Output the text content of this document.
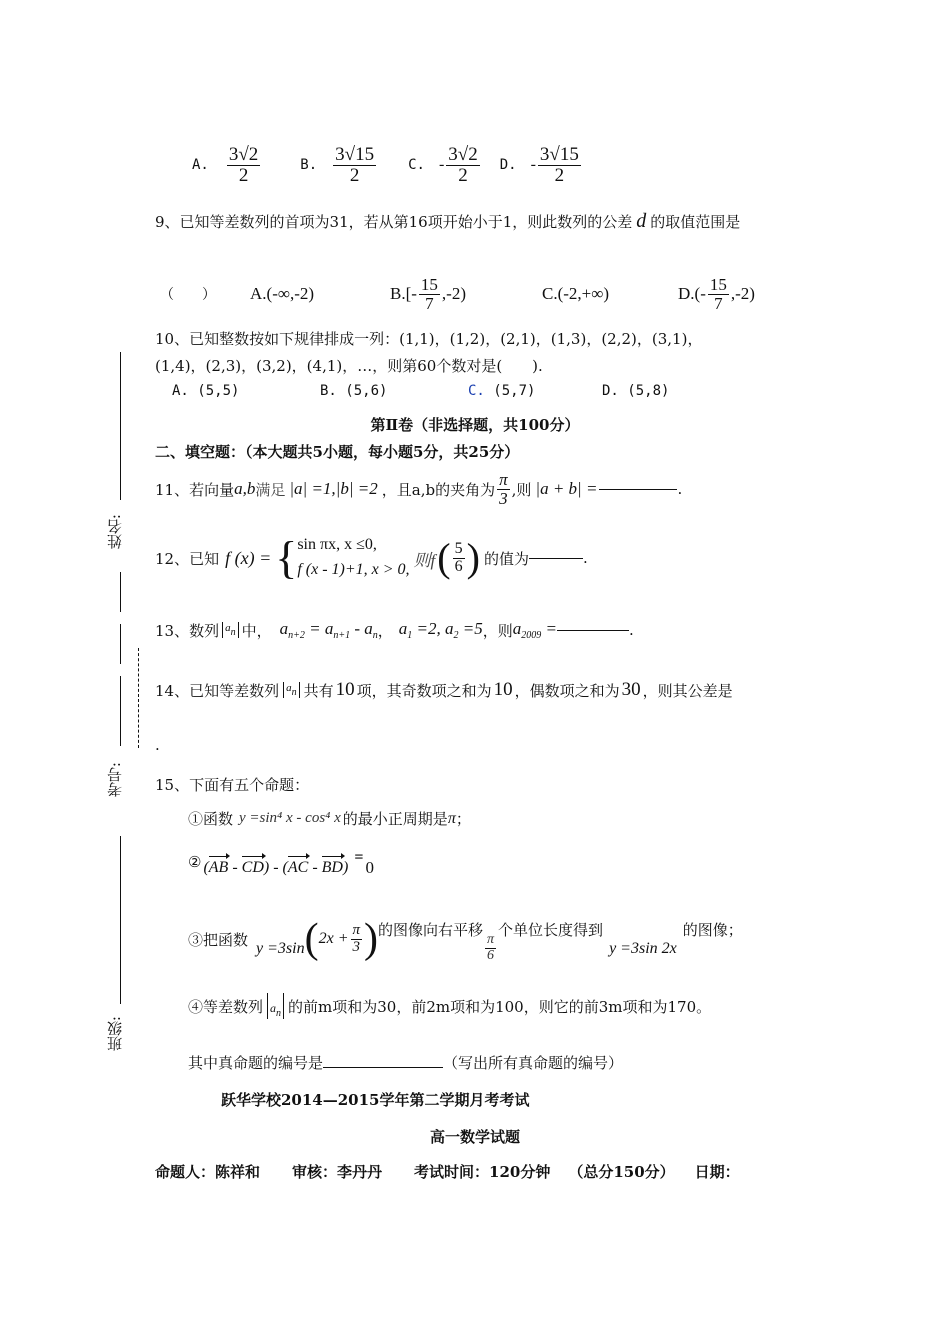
A. $\frac{3√2}{2}$	B. $\frac{3√15}{2} C$. - $\frac{3√2}{2} D$. - $\frac{3√15}{2}$
9、已知等差数列的首项为31，若从第16项开始小于1，则此数列的公差 d 的取值范围是
（　　）	A.(-∞,-2)	$B.[- \frac{15}{7} ,-2)$	C.(-2,+∞)	$D.(- \frac{15}{7} ,-2)$
10、已知整数按如下规律排成一列：(1,1)，(1,2)，(2,1)，(1,3)，(2,2)，(3,1)，
(1,4)，(2,3)，(3,2)，(4,1)，…，则第60个数对是(　　).
A. (5,5)	B. (5,6)	C. (5,7)	D. (5,8)
第Ⅱ卷（非选择题，共100分）
二、填空题：（本大题共5小题，每小题5分，共25分）
11、若向量 a,b 满足 |a| =1,|b| =2 ，且a,b的夹角为 $\frac{\pi}{3}$ ,则 |a + b| =	.
12、已知 f (x) = { sin πx, x ≤0,
f (x - 1)+1, x > 0, 则f ( $\frac{5}{6}$ ) 的值为	.
13、数列 an 中， $a_{n+2} = a_{n+1} - a_n$ ， $a_1 =2$, $a_2 =5$ ，则 $a_{2009}$ =	.
14、已知等差数列 an 共有 10 项，其奇数项之和为 10 ，偶数项之和为 30 ，则其公差是
.
15、下面有五个命题：
①函数 y =sin⁴ x - cos⁴ x 的最小正周期是 π ；
② (AB - CD) - (AC - BD)
=
0
③把函数 y =3sin ( $2x + \frac{\pi}{3}$ ) 的图像向右平移
$\frac{\pi}{6}$
个单位长度得到
y =3sin 2x
的图像；
④等差数列 $a_n$ 的前m项和为30，前2m项和为100，则它的前3m项和为170。
其中真命题的编号是	（写出所有真命题的编号）
跃华学校2014—2015学年第二学期月考考试
高一数学试题
命题人：陈祥和 审核：李丹丹 考试时间：120分钟 （总分150分） 日期：
姓名:
考号:
班级:
